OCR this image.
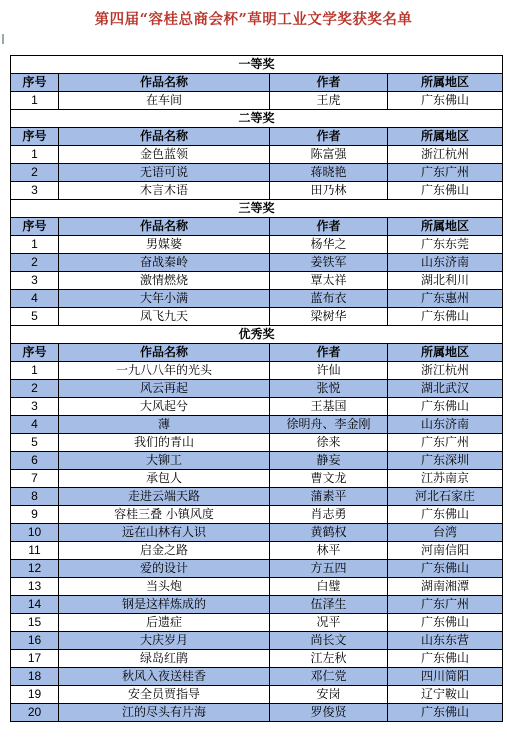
第四届“容桂总商会杯”草明工业文学奖获奖名单
一等奖			
序号	作品名称	作者	所属地区
1	在车间	王虎	广东佛山
二等奖			
序号	作品名称	作者	所属地区
1	金色蓝领	陈富强	浙江杭州
2	无语可说	蒋晓艳	广东广州
3	木言木语	田乃林	广东佛山
三等奖			
序号	作品名称	作者	所属地区
1	男媒婆	杨华之	广东东莞
2	奋战秦岭	姜铁军	山东济南
3	激情燃烧	覃太祥	湖北利川
4	大年小满	蓝布衣	广东惠州
5	凤飞九天	梁树华	广东佛山
优秀奖			
序号	作品名称	作者	所属地区
1	一九八八年的光头	许仙	浙江杭州
2	风云再起	张悦	湖北武汉
3	大风起兮	王基国	广东佛山
4	薄	徐明舟、李金刚	山东济南
5	我们的青山	徐来	广东广州
6	大铆工	静妄	广东深圳
7	承包人	曹文龙	江苏南京
8	走进云端天路	蒲素平	河北石家庄
9	容桂三叠 小镇风度	肖志勇	广东佛山
10	远在山林有人识	黄鹤权	台湾
11	启金之路	林平	河南信阳
12	爱的设计	方五四	广东佛山
13	当头炮	白璧	湖南湘潭
14	钢是这样炼成的	伍泽生	广东广州
15	后遗症	况平	广东佛山
16	大庆岁月	尚长文	山东东营
17	绿岛红鹃	江左秋	广东佛山
18	秋风入夜送桂香	邓仁党	四川简阳
19	安全员贾指导	安岗	辽宁鞍山
20	江的尽头有片海	罗俊贤	广东佛山
